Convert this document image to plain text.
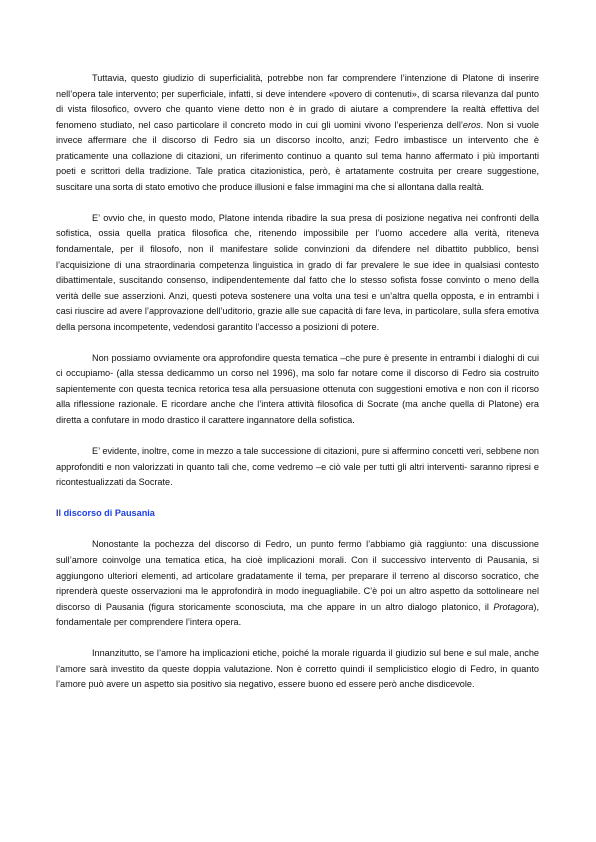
Tuttavia, questo giudizio di superficialità, potrebbe non far comprendere l’intenzione di Platone di inserire nell’opera tale intervento; per superficiale, infatti, si deve intendere «povero di contenuti», di scarsa rilevanza dal punto di vista filosofico, ovvero che quanto viene detto non è in grado di aiutare a comprendere la realtà effettiva del fenomeno studiato, nel caso particolare il concreto modo in cui gli uomini vivono l’esperienza dell’eros. Non si vuole invece affermare che il discorso di Fedro sia un discorso incolto, anzi; Fedro imbastisce un intervento che è praticamente una collazione di citazioni, un riferimento continuo a quanto sul tema hanno affermato i più importanti poeti e scrittori della tradizione. Tale pratica citazionistica, però, è artatamente costruita per creare suggestione, suscitare una sorta di stato emotivo che produce illusioni e false immagini ma che si allontana dalla realtà.

E’ ovvio che, in questo modo, Platone intenda ribadire la sua presa di posizione negativa nei confronti della sofistica, ossia quella pratica filosofica che, ritenendo impossibile per l’uomo accedere alla verità, riteneva fondamentale, per il filosofo, non il manifestare solide convinzioni da difendere nel dibattito pubblico, bensì l’acquisizione di una straordinaria competenza linguistica in grado di far prevalere le sue idee in qualsiasi contesto dibattimentale, suscitando consenso, indipendentemente dal fatto che lo stesso sofista fosse convinto o meno della verità delle sue asserzioni. Anzi, questi poteva sostenere una volta una tesi e un’altra quella opposta, e in entrambi i casi riuscire ad avere l’approvazione dell’uditorio, grazie alle sue capacità di fare leva, in particolare, sulla sfera emotiva della persona incompetente, vedendosi garantito l’accesso a posizioni di potere.

Non possiamo ovviamente ora approfondire questa tematica –che pure è presente in entrambi i dialoghi di cui ci occupiamo- (alla stessa dedicammo un corso nel 1996), ma solo far notare come il discorso di Fedro sia costruito sapientemente con questa tecnica retorica tesa alla persuasione ottenuta con suggestioni emotiva e non con il ricorso alla riflessione razionale. E ricordare anche che l’intera attività filosofica di Socrate (ma anche quella di Platone) era diretta a confutare in modo drastico il carattere ingannatore della sofistica.

E’ evidente, inoltre, come in mezzo a tale successione di citazioni, pure si affermino concetti veri, sebbene non approfonditi e non valorizzati in quanto tali che, come vedremo –e ciò vale per tutti gli altri interventi- saranno ripresi e ricontestualizzati da Socrate.

Il discorso di Pausania

Nonostante la pochezza del discorso di Fedro, un punto fermo l’abbiamo già raggiunto: una discussione sull’amore coinvolge una tematica etica, ha cioè implicazioni morali. Con il successivo intervento di Pausania, si aggiungono ulteriori elementi, ad articolare gradatamente il tema, per preparare il terreno al discorso socratico, che riprenderà queste osservazioni ma le approfondirà in modo ineguagliabile. C’è poi un altro aspetto da sottolineare nel discorso di Pausania (figura storicamente sconosciuta, ma che appare in un altro dialogo platonico, il Protagora), fondamentale per comprendere l’intera opera.

Innanzitutto, se l’amore ha implicazioni etiche, poiché la morale riguarda il giudizio sul bene e sul male, anche l’amore sarà investito da queste doppia valutazione. Non è corretto quindi il semplicistico elogio di Fedro, in quanto l’amore può avere un aspetto sia positivo sia negativo, essere buono ed essere però anche disdicevole.
